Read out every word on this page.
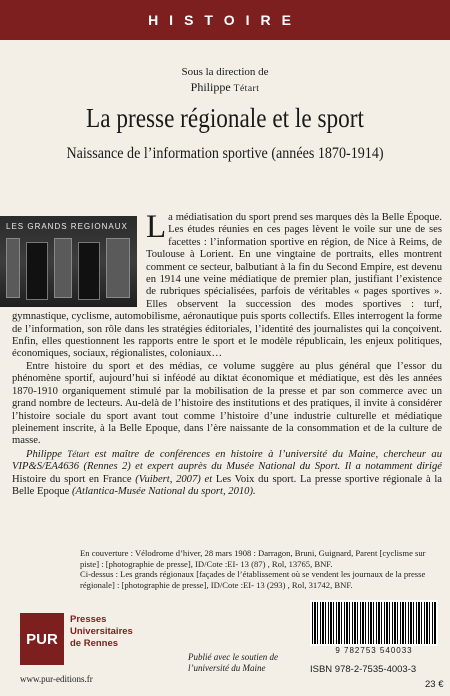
HISTOIRE
Sous la direction de
Philippe Tétart
La presse régionale et le sport
Naissance de l’information sportive (années 1870-1914)
LES GRANDS REGIONAUX La médiatisation du sport prend ses marques dès la Belle Époque. Les études réunies en ces pages lèvent le voile sur une de ses facettes : l’information sportive en région, de Nice à Reims, de Toulouse à Lorient. En une vingtaine de portraits, elles montrent comment ce secteur, balbutiant à la fin du Second Empire, est devenu en 1914 une veine médiatique de premier plan, justifiant l’existence de rubriques spécialisées, parfois de véritables « pages sportives ». Elles observent la succession des modes sportives : turf, gymnastique, cyclisme, automobilisme, aéronautique puis sports collectifs. Elles interrogent la forme de l’information, son rôle dans les stratégies éditoriales, l’identité des journalistes qui la conçoivent. Enfin, elles questionnent les rapports entre le sport et le modèle républicain, les enjeux politiques, économiques, sociaux, régionalistes, coloniaux…

Entre histoire du sport et des médias, ce volume suggère au plus général que l’essor du phénomène sportif, aujourd’hui si inféodé au diktat économique et médiatique, est dès les années 1870-1910 organiquement stimulé par la mobilisation de la presse et par son commerce avec un grand nombre de lecteurs. Au-delà de l’histoire des institutions et des pratiques, il invite à considérer l’histoire sociale du sport avant tout comme l’histoire d’une industrie culturelle et médiatique pleinement inscrite, à la Belle Epoque, dans l’ère naissante de la consommation et de la culture de masse.

Philippe Tétart est maître de conférences en histoire à l’université du Maine, chercheur au VIP&S/EA4636 (Rennes 2) et expert auprès du Musée National du Sport. Il a notamment dirigé Histoire du sport en France (Vuibert, 2007) et Les Voix du sport. La presse sportive régionale à la Belle Epoque (Atlantica-Musée National du sport, 2010).

En couverture : Vélodrome d’hiver, 28 mars 1908 : Darragon, Bruni, Guignard, Parent [cyclisme sur piste] : [photographie de presse], ID/Cote :EI- 13 (87) , Rol, 13765, BNF.

Ci-dessus : Les grands régionaux [façades de l’établissement où se vendent les journaux de la presse régionale] : [photographie de presse], ID/Cote :EI- 13 (293) , Rol, 31742, BNF.

PUR
Presses
Universitaires
de Rennes
www.pur-editions.fr
Publié avec le soutien de
l’université du Maine
9 782753 540033
ISBN 978-2-7535-4003-3
23 €
